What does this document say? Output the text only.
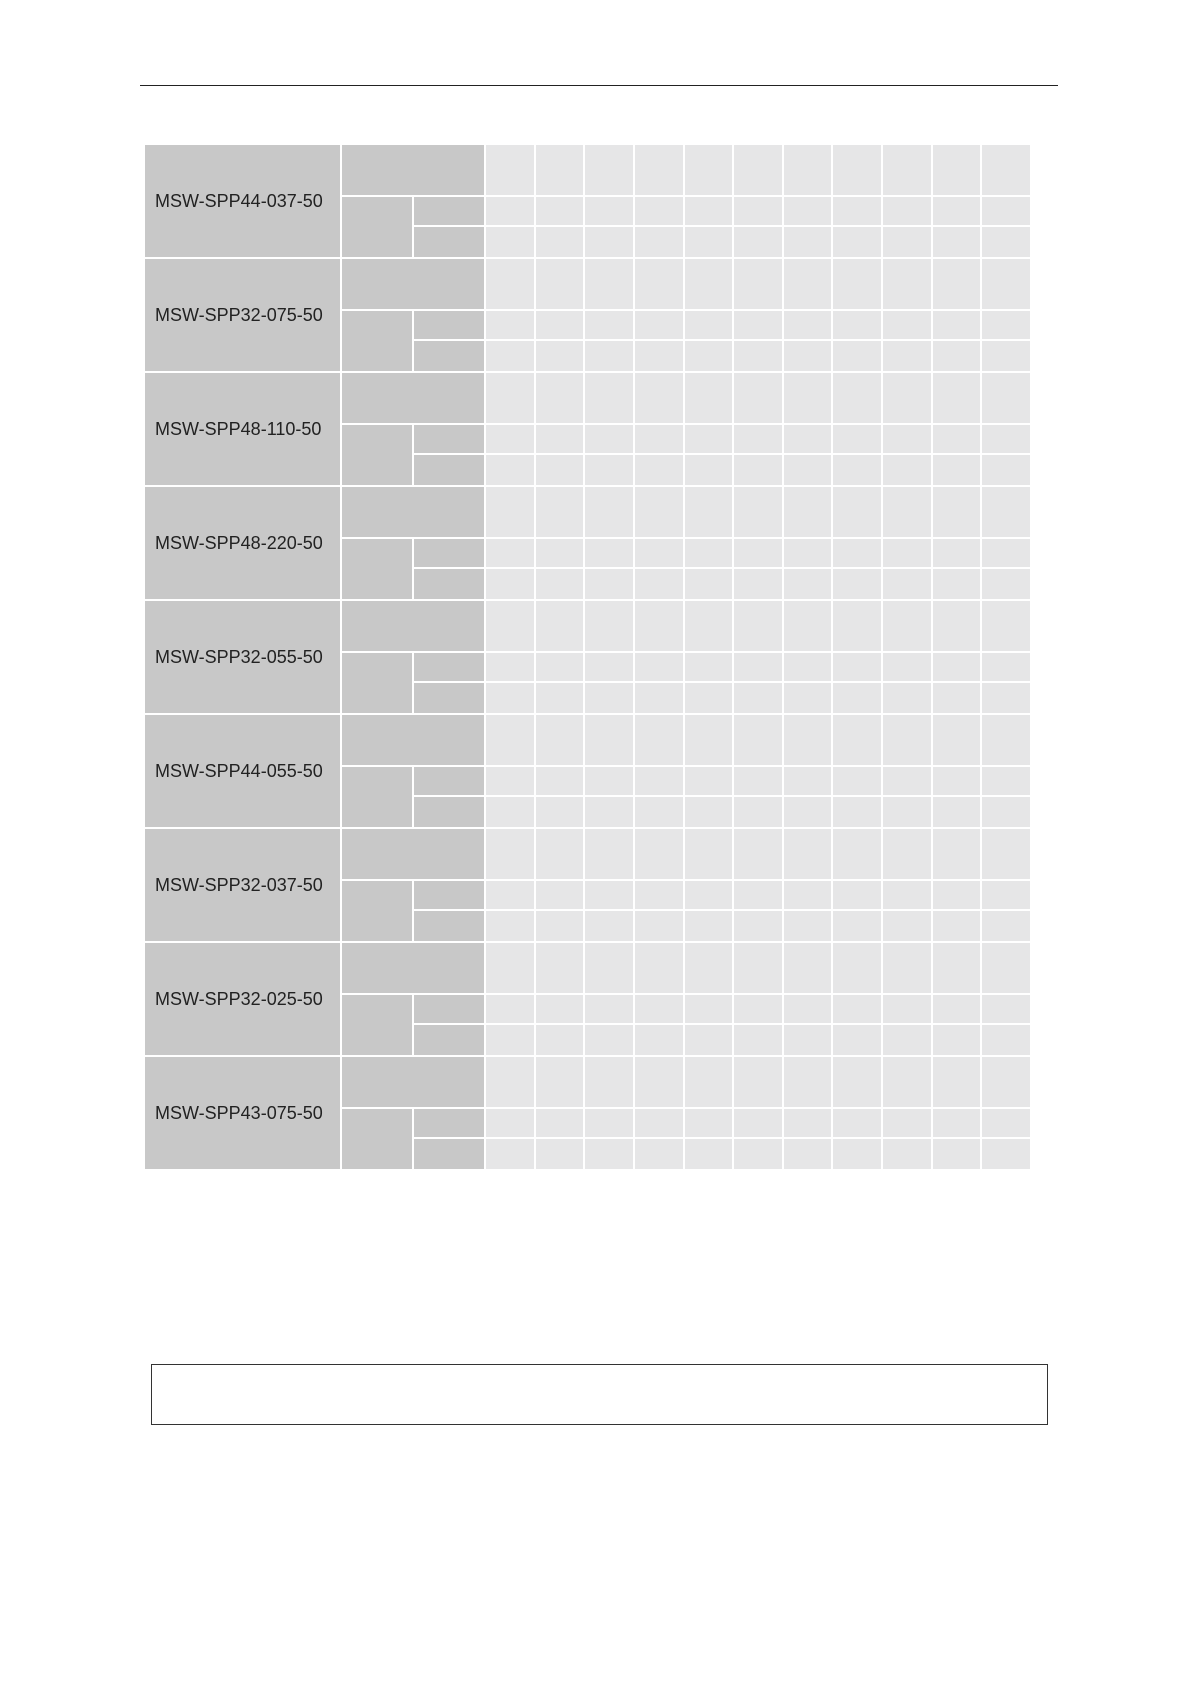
MSW-SPP44-037-50
MSW-SPP32-075-50
MSW-SPP48-110-50
MSW-SPP48-220-50
MSW-SPP32-055-50
MSW-SPP44-055-50
MSW-SPP32-037-50
MSW-SPP32-025-50
MSW-SPP43-075-50
